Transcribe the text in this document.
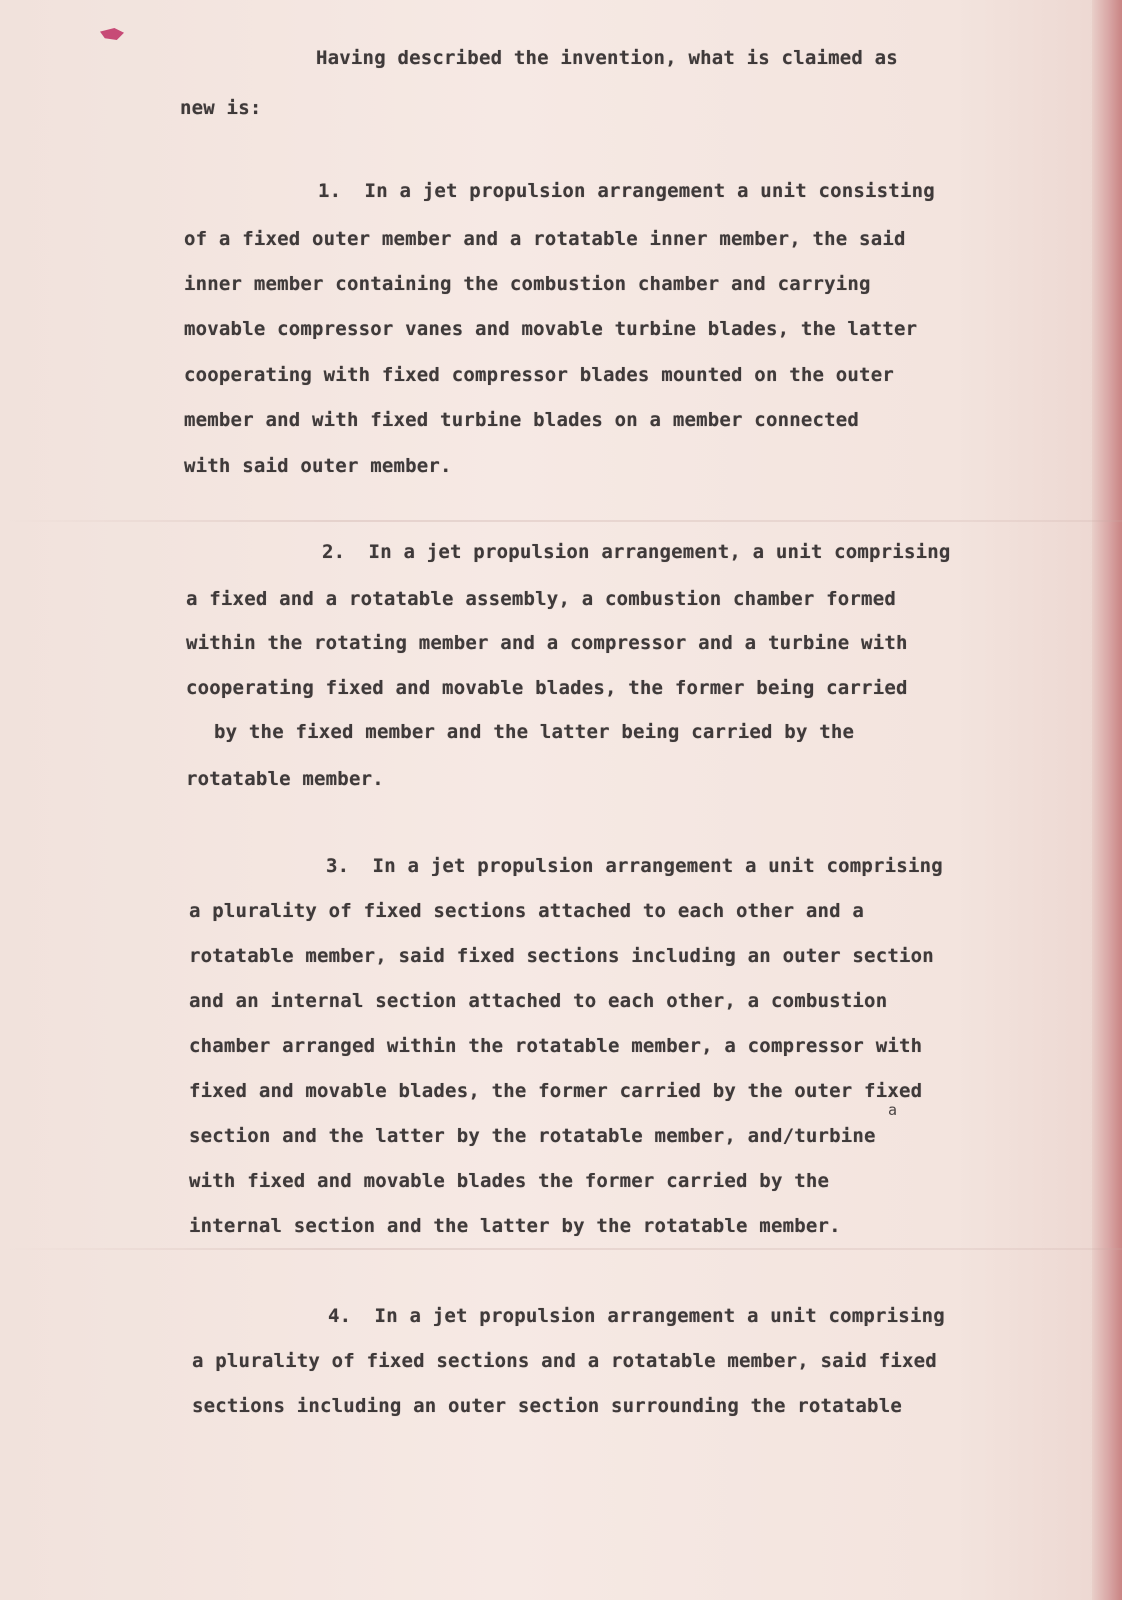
Having described the invention, what is claimed as

new is:

1.  In a jet propulsion arrangement a unit consisting

of a fixed outer member and a rotatable inner member, the said

inner member containing the combustion chamber and carrying

movable compressor vanes and movable turbine blades, the latter

cooperating with fixed compressor blades mounted on the outer

member and with fixed turbine blades on a member connected

with said outer member.

2.  In a jet propulsion arrangement, a unit comprising

a fixed and a rotatable assembly, a combustion chamber formed

within the rotating member and a compressor and a turbine with

cooperating fixed and movable blades, the former being carried

by the fixed member and the latter being carried by the

rotatable member.

3.  In a jet propulsion arrangement a unit comprising

a plurality of fixed sections attached to each other and a

rotatable member, said fixed sections including an outer section

and an internal section attached to each other, a combustion

chamber arranged within the rotatable member, a compressor with

fixed and movable blades, the former carried by the outer fixed

a

section and the latter by the rotatable member, and/turbine

with fixed and movable blades the former carried by the

internal section and the latter by the rotatable member.

4.  In a jet propulsion arrangement a unit comprising

a plurality of fixed sections and a rotatable member, said fixed

sections including an outer section surrounding the rotatable
